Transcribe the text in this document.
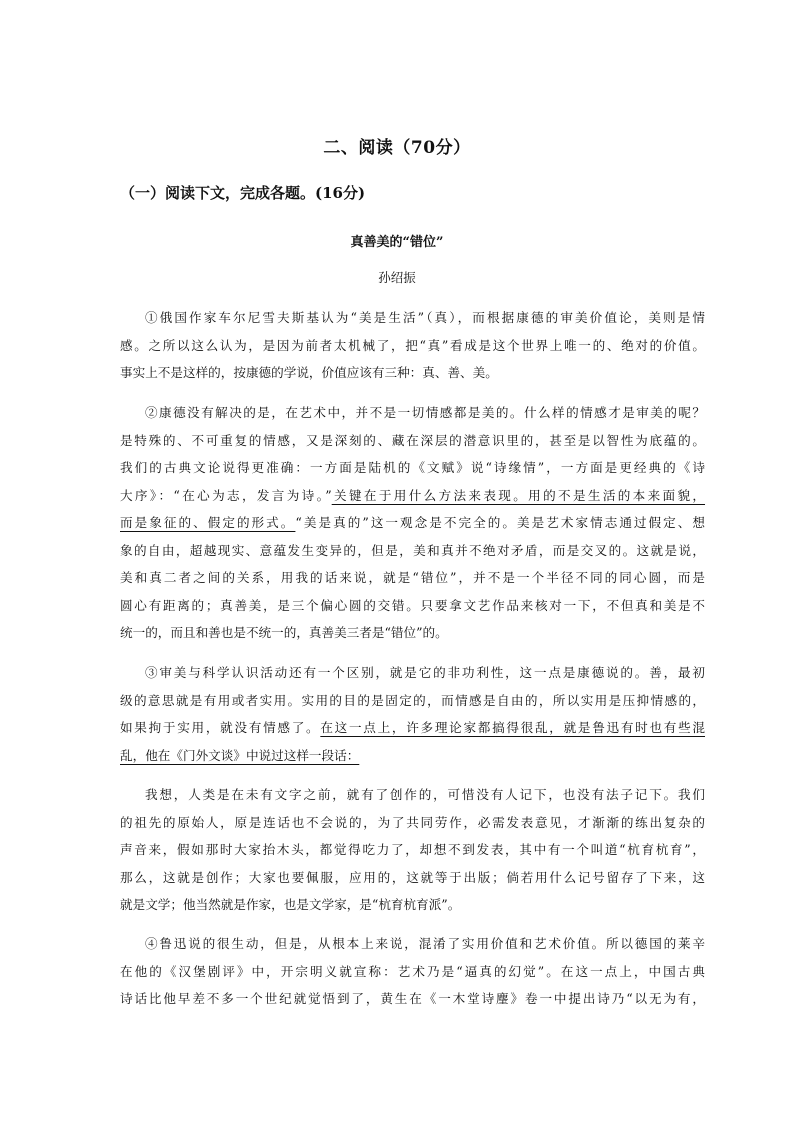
二、阅读（70分）
（一）阅读下文，完成各题。(16分)
真善美的“错位”
孙绍振
①俄国作家车尔尼雪夫斯基认为“美是生活”（真），而根据康德的审美价值论，美则是情
感。之所以这么认为，是因为前者太机械了，把“真”看成是这个世界上唯一的、绝对的价值。
事实上不是这样的，按康德的学说，价值应该有三种：真、善、美。
②康德没有解决的是，在艺术中，并不是一切情感都是美的。什么样的情感才是审美的呢？
是特殊的、不可重复的情感，又是深刻的、藏在深层的潜意识里的，甚至是以智性为底蕴的。
我们的古典文论说得更准确：一方面是陆机的《文赋》说“诗缘情”，一方面是更经典的《诗
大序》：“在心为志，发言为诗。”关键在于用什么方法来表现。用的不是生活的本来面貌，
而是象征的、假定的形式。“美是真的”这一观念是不完全的。美是艺术家情志通过假定、想
象的自由，超越现实、意蕴发生变异的，但是，美和真并不绝对矛盾，而是交叉的。这就是说，
美和真二者之间的关系，用我的话来说，就是“错位”，并不是一个半径不同的同心圆，而是
圆心有距离的；真善美，是三个偏心圆的交错。只要拿文艺作品来核对一下，不但真和美是不
统一的，而且和善也是不统一的，真善美三者是“错位”的。
③审美与科学认识活动还有一个区别，就是它的非功利性，这一点是康德说的。善，最初
级的意思就是有用或者实用。实用的目的是固定的，而情感是自由的，所以实用是压抑情感的，
如果拘于实用，就没有情感了。在这一点上，许多理论家都搞得很乱，就是鲁迅有时也有些混
乱，他在《门外文谈》中说过这样一段话：
我想，人类是在未有文字之前，就有了创作的，可惜没有人记下，也没有法子记下。我们
的祖先的原始人，原是连话也不会说的，为了共同劳作，必需发表意见，才渐渐的练出复杂的
声音来，假如那时大家抬木头，都觉得吃力了，却想不到发表，其中有一个叫道“杭育杭育”，
那么，这就是创作；大家也要佩服，应用的，这就等于出版；倘若用什么记号留存了下来，这
就是文学；他当然就是作家，也是文学家，是“杭育杭育派”。
④鲁迅说的很生动，但是，从根本上来说，混淆了实用价值和艺术价值。所以德国的莱辛
在他的《汉堡剧评》中，开宗明义就宣称：艺术乃是“逼真的幻觉”。在这一点上，中国古典
诗话比他早差不多一个世纪就觉悟到了，黄生在《一木堂诗麈》卷一中提出诗乃“以无为有，
